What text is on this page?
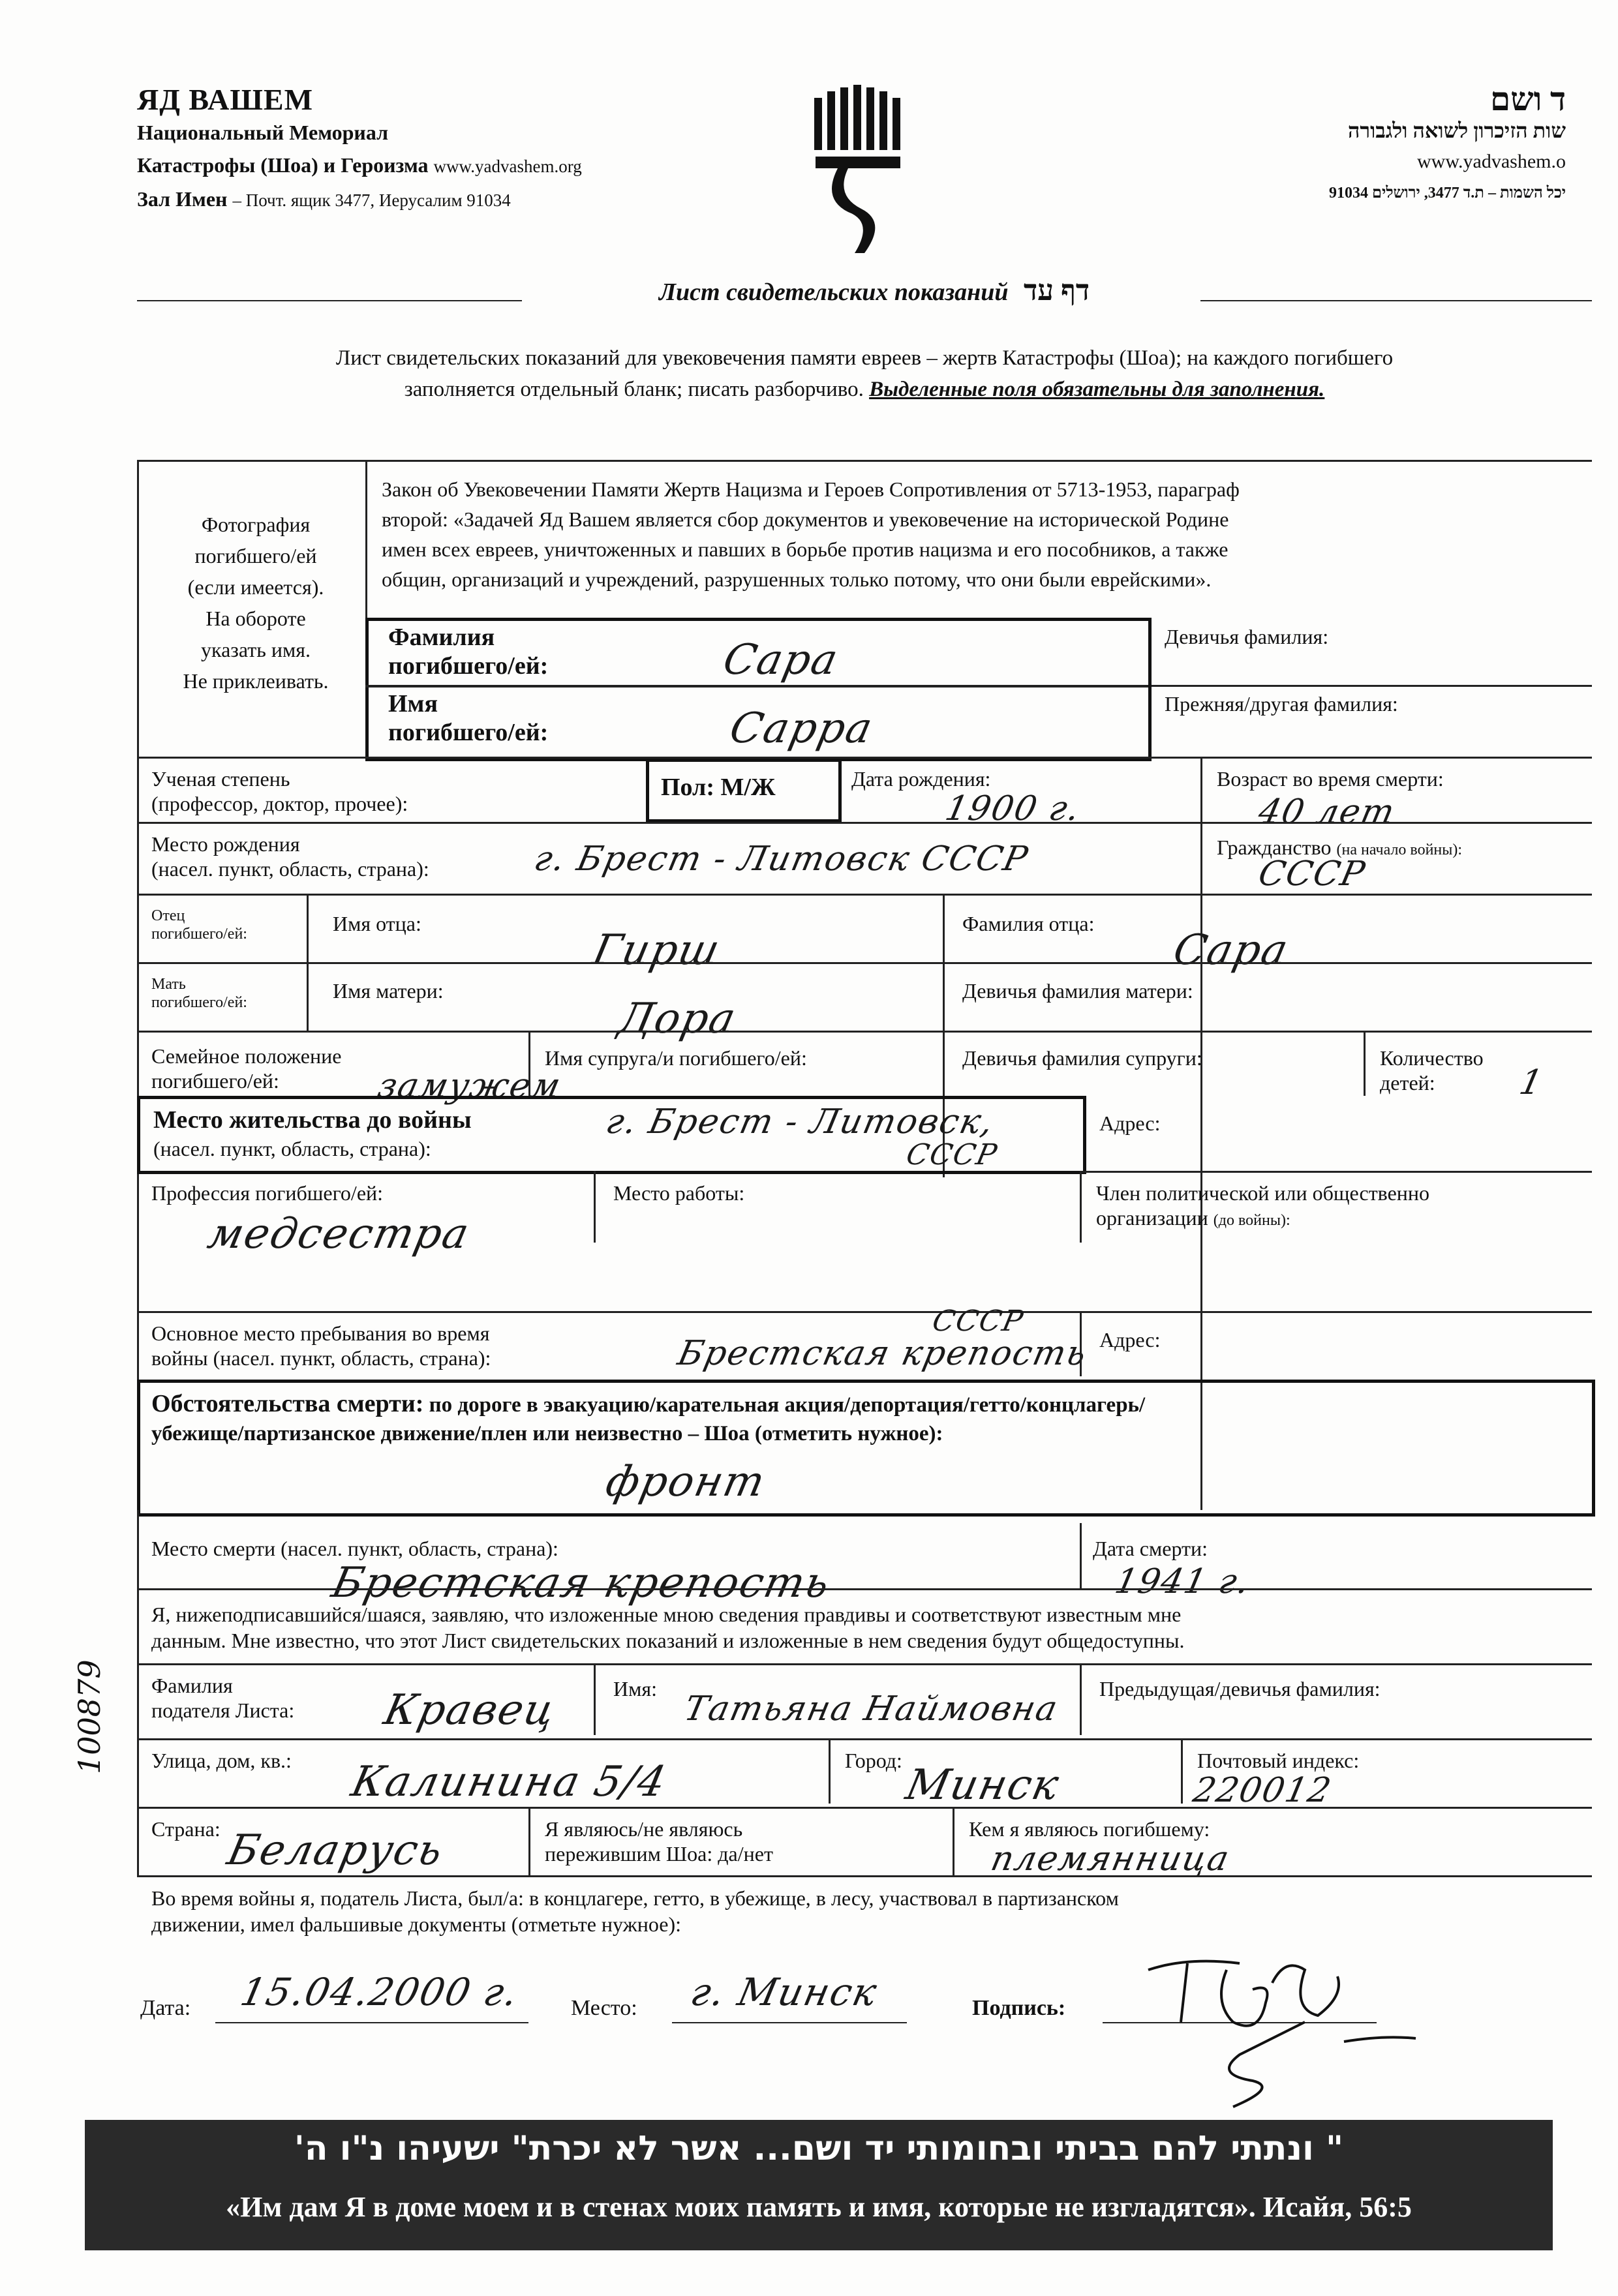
ЯД ВАШЕМ
Национальный Мемориал
Катастрофы (Шоа) и Героизма www.yadvashem.org
Зал Имен – Почт. ящик 3477, Иерусалим 91034
ד ושם
שות הזיכרון לשואה ולגבורה
www.yadvashem.o
יכל השמות – ת.ד 3477, ירושלים 91034
Лист свидетельских показаний דף עד
Лист свидетельских показаний для увековечения памяти евреев – жертв Катастрофы (Шоа); на каждого погибшего
заполняется отдельный бланк; писать разборчиво. Выделенные поля обязательны для заполнения.
Фотография
погибшего/ей
(если имеется).
На обороте
указать имя.
Не приклеивать.
Закон об Увековечении Памяти Жертв Нацизма и Героев Сопротивления от 5713-1953, параграф
второй: «Задачей Яд Вашем является сбор документов и увековечение на исторической Родине
имен всех евреев, уничтоженных и павших в борьбе против нацизма и его пособников, а также
общин, организаций и учреждений, разрушенных только потому, что они были еврейскими».
Фамилия
погибшего/ей:	Сара	Девичья фамилия:
Имя
погибшего/ей:	Сарра
Прежняя/другая фамилия:
Ученая степень
(профессор, доктор, прочее):
Пол: М/Ж	Дата рождения:
1900 г.
Возраст во время смерти:
40 лет
Место рождения
(насел. пункт, область, страна):	г. Брест - Литовск СССР	Гражданство (на начало войны):
СССР
Отец
погибшего/ей:	Имя отца:
Гирш
Фамилия отца:
Сара
Мать
погибшего/ей:	Имя матери:
Дора
Девичья фамилия матери:
Семейное положение
погибшего/ей:	замужем
Имя супруга/и погибшего/ей:	Девичья фамилия супруги:	Количество
детей:	1
Место жительства до войны
(насел. пункт, область, страна):
г. Брест - Литовск,
СССР
Адрес:
Профессия погибшего/ей:
медсестра
Место работы:	Член политической или общественно
организации (до войны):
Основное место пребывания во время
войны (насел. пункт, область, страна):
СССР
Брестская крепость Адрес:
Обстоятельства смерти: по дороге в эвакуацию/карательная акция/депортация/гетто/концлагерь/
убежище/партизанское движение/плен или неизвестно – Шоа (отметить нужное):
фронт
Место смерти (насел. пункт, область, страна):
Брестская крепость
Дата смерти:
1941 г.
Я, нижеподписавшийся/шаяся, заявляю, что изложенные мною сведения правдивы и соответствуют известным мне
данным. Мне известно, что этот Лист свидетельских показаний и изложенные в нем сведения будут общедоступны.
Фамилия
подателя Листа: Кравец	Имя:
Татьяна Наймовна
Предыдущая/девичья фамилия:
Улица, дом, кв.: Калинина 5/4	Город:
Минск
Почтовый индекс:
220012
Страна: Беларусь	Я являюсь/не являюсь
пережившим Шоа: да/нет
Кем я являюсь погибшему:
племянница
Во время войны я, податель Листа, был/а: в концлагере, гетто, в убежище, в лесу, участвовал в партизанском
движении, имел фальшивые документы (отметьте нужное):
100879
Дата: 15.04.2000 г. Место: г. Минск	Подпись:
" ונתתי להם בביתי ובחומותי יד ושם... אשר לא יכרת" ישעיהו נ"ו ה'
«Им дам Я в доме моем и в стенах моих память и имя, которые не изгладятся». Исайя, 56:5
